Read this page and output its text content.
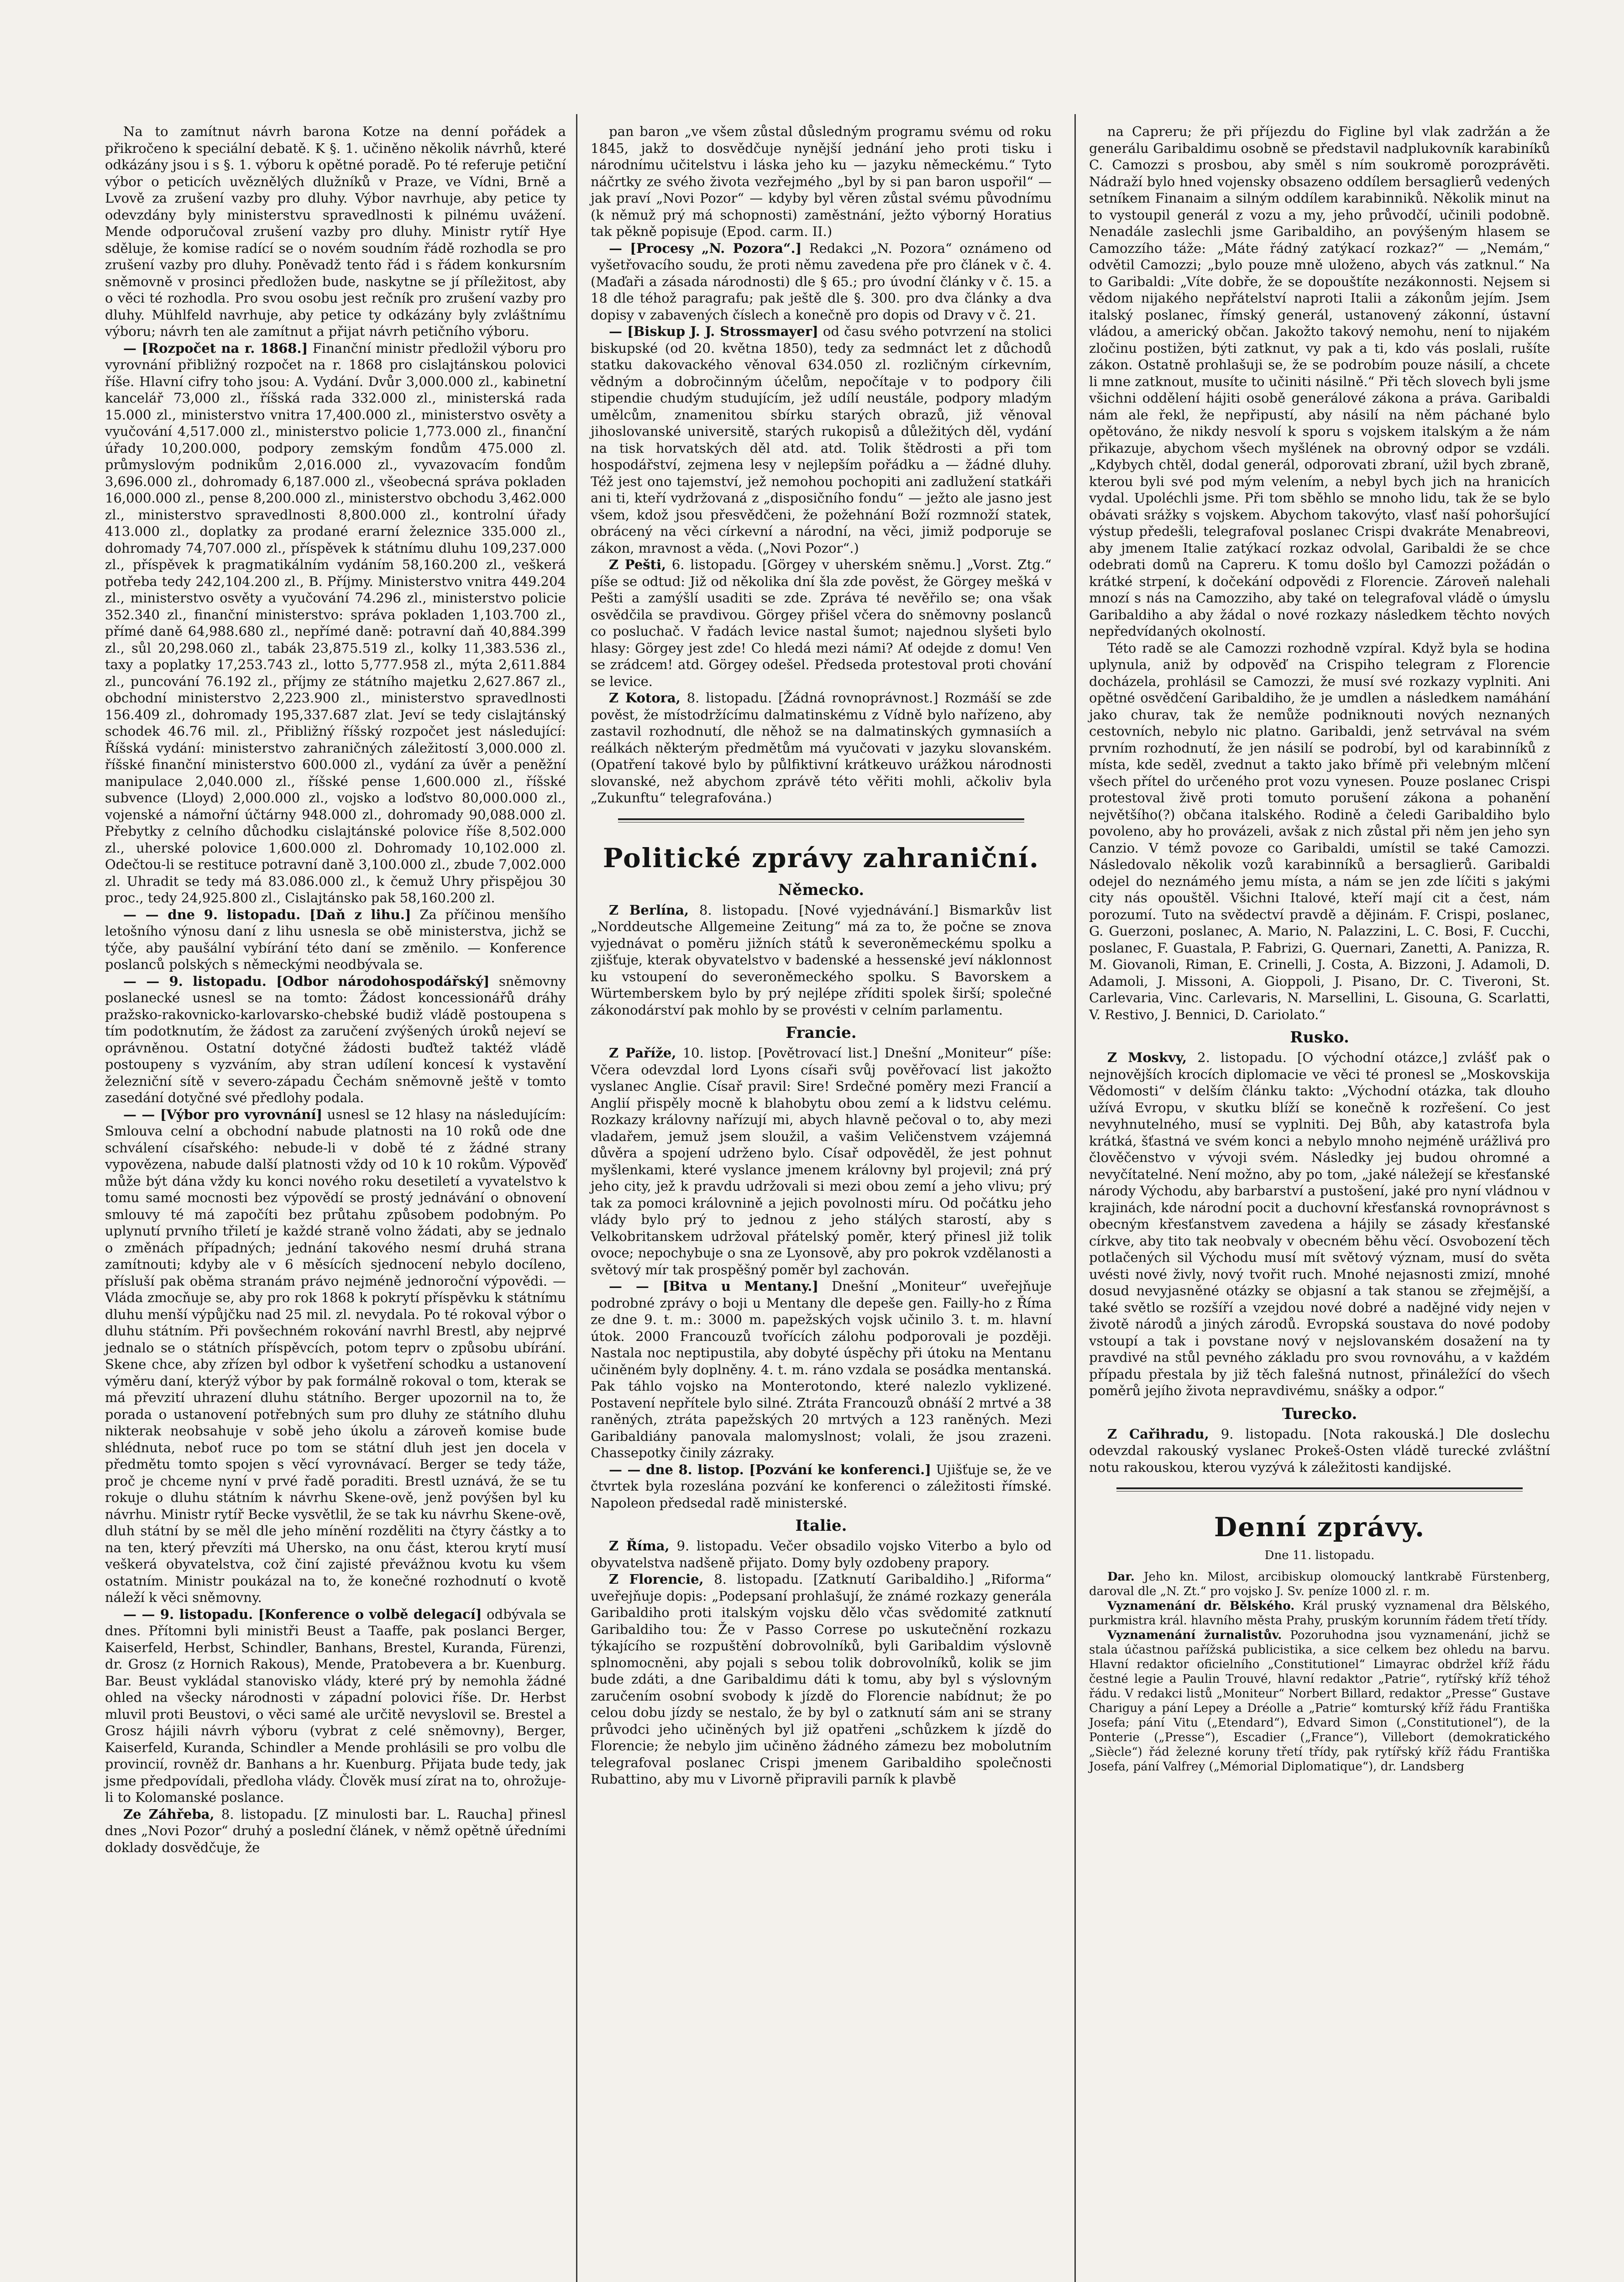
Na to zamítnut návrh barona Kotze na denní pořádek a přikročeno k speciální debatě. K §. 1. učiněno několik návrhů, které odkázány jsou i s §. 1. výboru k opětné poradě. Po té referuje petiční výbor o peticích uvěznělých dlužníků v Praze, ve Vídni, Brně a Lvově za zrušení vazby pro dluhy. Výbor navrhuje, aby petice ty odevzdány byly ministerstvu spravedlnosti k pilnému uvážení. Mende odporučoval zrušení vazby pro dluhy. Ministr rytíř Hye sděluje, že komise radící se o novém soudním řádě rozhodla se pro zrušení vazby pro dluhy. Poněvadž tento řád i s řádem konkursním sněmovně v prosinci předložen bude, naskytne se jí příležitost, aby o věci té rozhodla. Pro svou osobu jest rečník pro zrušení vazby pro dluhy. Mühlfeld navrhuje, aby petice ty odkázány byly zvláštnímu výboru; návrh ten ale zamítnut a přijat návrh petičního výboru.

— [Rozpočet na r. 1868.] Finanční ministr předložil výboru pro vyrovnání přibližný rozpočet na r. 1868 pro cislajtánskou polovici říše. Hlavní cifry toho jsou: A. Vydání. Dvůr 3,000.000 zl., kabinetní kancelář 73,000 zl., říšská rada 332.000 zl., ministerská rada 15.000 zl., ministerstvo vnitra 17,400.000 zl., ministerstvo osvěty a vyučování 4,517.000 zl., ministerstvo policie 1,773.000 zl., finanční úřady 10,200.000, podpory zemským fondům 475.000 zl. průmyslovým podnikům 2,016.000 zl., vyvazovacím fondům 3,696.000 zl., dohromady 6,187.000 zl., všeobecná správa pokladen 16,000.000 zl., pense 8,200.000 zl., ministerstvo obchodu 3,462.000 zl., ministerstvo spravedlnosti 8,800.000 zl., kontrolní úřady 413.000 zl., doplatky za prodané erarní železnice 335.000 zl., dohromady 74,707.000 zl., příspěvek k státnímu dluhu 109,237.000 zl., příspěvek k pragmatikálním vydáním 58,160.200 zl., veškerá potřeba tedy 242,104.200 zl., B. Příjmy. Ministerstvo vnitra 449.204 zl., ministerstvo osvěty a vyučování 74.296 zl., ministerstvo policie 352.340 zl., finanční ministerstvo: správa pokladen 1,103.700 zl., přímé daně 64,988.680 zl., nepřímé daně: potravní daň 40,884.399 zl., sůl 20,298.060 zl., tabák 23,875.519 zl., kolky 11,383.536 zl., taxy a poplatky 17,253.743 zl., lotto 5,777.958 zl., mýta 2,611.884 zl., puncování 76.192 zl., příjmy ze státního majetku 2,627.867 zl., obchodní ministerstvo 2,223.900 zl., ministerstvo spravedlnosti 156.409 zl., dohromady 195,337.687 zlat. Jeví se tedy cislajtánský schodek 46.76 mil. zl., Přibližný říšský rozpočet jest následující: Říšská vydání: ministerstvo zahraničných záležitostí 3,000.000 zl. říšské finanční ministerstvo 600.000 zl., vydání za úvěr a peněžní manipulace 2,040.000 zl., říšské pense 1,600.000 zl., říšské subvence (Lloyd) 2,000.000 zl., vojsko a loďstvo 80,000.000 zl., vojenské a námořní účtárny 948.000 zl., dohromady 90,088.000 zl. Přebytky z celního důchodku cislajtánské polovice říše 8,502.000 zl., uherské polovice 1,600.000 zl. Dohromady 10,102.000 zl. Odečtou-li se restituce potravní daně 3,100.000 zl., zbude 7,002.000 zl. Uhradit se tedy má 83.086.000 zl., k čemuž Uhry přispějou 30 proc., tedy 24,925.800 zl., Cislajtánsko pak 58,160.200 zl.

— — dne 9. listopadu. [Daň z lihu.] Za příčinou menšího letošního výnosu daní z lihu usnesla se obě ministerstva, jichž se týče, aby paušální vybírání této daní se změnilo. — Konference poslanců polských s německými neodbývala se.

— — 9. listopadu. [Odbor národohospodářský] sněmovny poslanecké usnesl se na tomto: Žádost koncessionářů dráhy pražsko-rakovnicko-karlovarsko-chebské budiž vládě postoupena s tím podotknutím, že žádost za zaručení zvýšených úroků nejeví se oprávněnou. Ostatní dotyčné žádosti buďtež taktéž vládě postoupeny s vyzváním, aby stran udílení koncesí k vystavění železniční sítě v severo-západu Čechám sněmovně ještě v tomto zasedání dotyčné své předlohy podala.

— — [Výbor pro vyrovnání] usnesl se 12 hlasy na následujícím: Smlouva celní a obchodní nabude platnosti na 10 roků ode dne schválení císařského: nebude-li v době té z žádné strany vypovězena, nabude další platnosti vždy od 10 k 10 rokům. Výpověď může být dána vždy ku konci nového roku desetiletí a vyvatelstvo k tomu samé mocnosti bez výpovědí se prostý jednávání o obnovení smlouvy té má započíti bez průtahu způsobem podobným. Po uplynutí prvního třiletí je každé straně volno žádati, aby se jednalo o změnách případných; jednání takového nesmí druhá strana zamítnouti; kdyby ale v 6 měsících sjednocení nebylo docíleno, přísluší pak oběma stranám právo nejméně jednoroční výpovědi. — Vláda zmocňuje se, aby pro rok 1868 k pokrytí příspěvku k státnímu dluhu menší výpůjčku nad 25 mil. zl. nevydala. Po té rokoval výbor o dluhu státním. Při povšechném rokování navrhl Brestl, aby nejprvé jednalo se o státních příspěvcích, potom teprv o způsobu ubírání. Skene chce, aby zřízen byl odbor k vyšetření schodku a ustanovení výměru daní, kterýž výbor by pak formálně rokoval o tom, kterak se má převzití uhrazení dluhu státního. Berger upozornil na to, že porada o ustanovení potřebných sum pro dluhy ze státního dluhu nikterak neobsahuje v sobě jeho úkolu a zároveň komise bude shlédnuta, neboť ruce po tom se státní dluh jest jen docela v předmětu tomto spojen s věcí vyrovnávací. Berger se tedy táže, proč je chceme nyní v prvé řadě poraditi. Brestl uznává, že se tu rokuje o dluhu státním k návrhu Skene-ově, jenž povýšen byl ku návrhu. Ministr rytíř Becke vysvětlil, že se tak ku návrhu Skene-ově, dluh státní by se měl dle jeho mínění rozděliti na čtyry částky a to na ten, který převzíti má Uhersko, na onu část, kterou krytí musí veškerá obyvatelstva, což činí zajisté převážnou kvotu ku všem ostatním. Ministr poukázal na to, že konečné rozhodnutí o kvotě náleží k věci sněmovny.

— — 9. listopadu. [Konference o volbě delegací] odbývala se dnes. Přítomni byli ministři Beust a Taaffe, pak poslanci Berger, Kaiserfeld, Herbst, Schindler, Banhans, Brestel, Kuranda, Fürenzi, dr. Grosz (z Hornich Rakous), Mende, Pratobevera a br. Kuenburg. Bar. Beust vykládal stanovisko vlády, které prý by nemohla žádné ohled na všecky národnosti v západní polovici říše. Dr. Herbst mluvil proti Beustovi, o věci samé ale určitě nevyslovil se. Brestel a Grosz hájili návrh výboru (vybrat z celé sněmovny), Berger, Kaiserfeld, Kuranda, Schindler a Mende prohlásili se pro volbu dle provincií, rovněž dr. Banhans a hr. Kuenburg. Přijata bude tedy, jak jsme předpovídali, předloha vlády. Člověk musí zírat na to, ohrožuje-li to Kolomanské poslance.

Ze Záhřeba, 8. listopadu. [Z minulosti bar. L. Raucha] přinesl dnes „Novi Pozor“ druhý a poslední článek, v němž opětně úředními doklady dosvědčuje, že

pan baron „ve všem zůstal důsledným programu svému od roku 1845, jakž to dosvědčuje nynější jednání jeho proti tisku i národnímu učitelstvu i láska jeho ku — jazyku německému.“ Tyto náčrtky ze svého života vezřejmého „byl by si pan baron uspořil“ — jak praví „Novi Pozor“ — kdyby byl věren zůstal svému původnímu (k němuž prý má schopnosti) zaměstnání, ježto výborný Horatius tak pěkně popisuje (Epod. carm. II.)

— [Procesy „N. Pozora“.] Redakci „N. Pozora“ oznámeno od vyšetřovacího soudu, že proti němu zavedena pře pro článek v č. 4. (Maďaři a zásada národnosti) dle § 65.; pro úvodní články v č. 15. a 18 dle téhož paragrafu; pak ještě dle §. 300. pro dva články a dva dopisy v zabavených číslech a konečně pro dopis od Dravy v č. 21.

— [Biskup J. J. Strossmayer] od času svého potvrzení na stolici biskupské (od 20. května 1850), tedy za sedmnáct let z důchodů statku dakovackého věnoval 634.050 zl. rozličným církevním, vědným a dobročinným účelům, nepočítaje v to podpory čili stipendie chudým studujícím, jež udílí neustále, podpory mladým umělcům, znamenitou sbírku starých obrazů, již věnoval jihoslovanské universitě, starých rukopisů a důležitých děl, vydání na tisk horvatských děl atd. atd. Tolik štědrosti a při tom hospodářství, zejmena lesy v nejlepším pořádku a — žádné dluhy. Též jest ono tajemství, jež nemohou pochopiti ani zadlužení statkáři ani ti, kteří vydržovaná z „disposičního fondu“ — ježto ale jasno jest všem, kdož jsou přesvědčeni, že požehnání Boží rozmnoží statek, obrácený na věci církevní a národní, na věci, jimiž podporuje se zákon, mravnost a věda. („Novi Pozor“.)

Z Pešti, 6. listopadu. [Görgey v uherském sněmu.] „Vorst. Ztg.“ píše se odtud: Již od několika dní šla zde pověst, že Görgey mešká v Pešti a zamýšlí usaditi se zde. Zpráva té nevěřilo se; ona však osvědčila se pravdivou. Görgey přišel včera do sněmovny poslanců co posluchač. V řadách levice nastal šumot; najednou slyšeti bylo hlasy: Görgey jest zde! Co hledá mezi námi? Ať odejde z domu! Ven se zrádcem! atd. Görgey odešel. Předseda protestoval proti chování se levice.

Z Kotora, 8. listopadu. [Žádná rovnoprávnost.] Rozmáší se zde pověst, že místodržícímu dalmatinskému z Vídně bylo nařízeno, aby zastavil rozhodnutí, dle něhož se na dalmatinských gymnasiích a reálkách některým předmětům má vyučovati v jazyku slovanském. (Opatření takové bylo by půlfiktivní krátkeuvo urážkou národnosti slovanské, než abychom zprávě této věřiti mohli, ačkoliv byla „Zukunftu“ telegrafována.)

Politické zprávy zahraniční.
Německo.

Z Berlína, 8. listopadu. [Nové vyjednávání.] Bismarkův list „Norddeutsche Allgemeine Zeitung“ má za to, že počne se znova vyjednávat o poměru jižních států k severoněmeckému spolku a zjišťuje, kterak obyvatelstvo v badenské a hessenské jeví náklonnost ku vstoupení do severoněmeckého spolku. S Bavorskem a Würtemberskem bylo by prý nejlépe zříditi spolek širší; společné zákonodárství pak mohlo by se provésti v celním parlamentu.

Francie.

Z Paříže, 10. listop. [Povětrovací list.] Dnešní „Moniteur“ píše: Včera odevzdal lord Lyons císaři svůj pověřovací list jakožto vyslanec Anglie. Císař pravil: Sire! Srdečné poměry mezi Francií a Anglií přispěly mocně k blahobytu obou zemí a k lidstvu celému. Rozkazy královny nařízují mi, abych hlavně pečoval o to, aby mezi vladařem, jemuž jsem sloužil, a vašim Veličenstvem vzájemná důvěra a spojení udrženo bylo. Císař odpověděl, že jest pohnut myšlenkami, které vyslance jmenem královny byl projevil; zná prý jeho city, jež k pravdu udržovali si mezi obou zemí a jeho vlivu; prý tak za pomoci královnině a jejich povolnosti míru. Od počátku jeho vlády bylo prý to jednou z jeho stálých starostí, aby s Velkobritanskem udržoval přátelský poměr, který přinesl již tolik ovoce; nepochybuje o sna ze Lyonsově, aby pro pokrok vzdělanosti a světový mír tak prospěšný poměr byl zachován.

— — [Bitva u Mentany.] Dnešní „Moniteur“ uveřejňuje podrobné zprávy o boji u Mentany dle depeše gen. Failly-ho z Říma ze dne 9. t. m.: 3000 m. papežských vojsk učinilo 3. t. m. hlavní útok. 2000 Francouzů tvořících zálohu podporovali je později. Nastala noc neptipustila, aby dobyté úspěchy při útoku na Mentanu učiněném byly doplněny. 4. t. m. ráno vzdala se posádka mentanská. Pak táhlo vojsko na Monterotondo, které nalezlo vyklizené. Postavení nepřítele bylo silné. Ztráta Francouzů obnáší 2 mrtvé a 38 raněných, ztráta papežských 20 mrtvých a 123 raněných. Mezi Garibaldiány panovala malomyslnost; volali, že jsou zrazeni. Chassepotky činily zázraky.

— — dne 8. listop. [Pozvání ke konferenci.] Ujišťuje se, že ve čtvrtek byla rozeslána pozvání ke konferenci o záležitosti římské. Napoleon předsedal radě ministerské.

Italie.

Z Říma, 9. listopadu. Večer obsadilo vojsko Viterbo a bylo od obyvatelstva nadšeně přijato. Domy byly ozdobeny prapory.

Z Florencie, 8. listopadu. [Zatknutí Garibaldiho.] „Riforma“ uveřejňuje dopis: „Podepsaní prohlašují, že známé rozkazy generála Garibaldiho proti italským vojsku dělo včas svědomité zatknutí Garibaldiho tou: Že v Passo Correse po uskutečnění rozkazu týkajícího se rozpuštění dobrovolníků, byli Garibaldim výslovně splnomocněni, aby pojali s sebou tolik dobrovolníků, kolik se jim bude zdáti, a dne Garibaldimu dáti k tomu, aby byl s výslovným zaručením osobní svobody k jízdě do Florencie nabídnut; že po celou dobu jízdy se nestalo, že by byl o zatknutí sám ani se strany průvodci jeho učiněných byl již opatřeni „schůzkem k jízdě do Florencie; že nebylo jim učiněno žádného zámezu bez mobolutním telegrafoval poslanec Crispi jmenem Garibaldiho společnosti Rubattino, aby mu v Livorně připravili parník k plavbě

na Capreru; že při příjezdu do Figline byl vlak zadržán a že generálu Garibaldimu osobně se představil nadplukovník karabiníků C. Camozzi s prosbou, aby směl s ním soukromě porozprávěti. Nádraží bylo hned vojensky obsazeno oddílem bersaglierů vedených setníkem Finanaim a silným oddílem karabinniků. Několik minut na to vystoupil generál z vozu a my, jeho průvodčí, učinili podobně. Nenadále zaslechli jsme Garibaldiho, an povýšeným hlasem se Camozzího táže: „Máte řádný zatýkací rozkaz?“ — „Nemám,“ odvětil Camozzi; „bylo pouze mně uloženo, abych vás zatknul.“ Na to Garibaldi: „Víte dobře, že se dopouštíte nezákonnosti. Nejsem si vědom nijakého nepřátelství naproti Italii a zákonům jejím. Jsem italský poslanec, římský generál, ustanovený zákonní, ústavní vládou, a americký občan. Jakožto takový nemohu, není to nijakém zločinu postižen, býti zatknut, vy pak a ti, kdo vás poslali, rušíte zákon. Ostatně prohlašuji se, že se podrobím pouze násilí, a chcete li mne zatknout, musíte to učiniti násilně.“ Při těch slovech byli jsme všichni oddělení hájiti osobě generálové zákona a práva. Garibaldi nám ale řekl, že nepřipustí, aby násilí na něm páchané bylo opětováno, že nikdy nesvolí k sporu s vojskem italským a že nám přikazuje, abychom všech myšlének na obrovný odpor se vzdáli. „Kdybych chtěl, dodal generál, odporovati zbraní, užil bych zbraně, kterou byli své pod mým velením, a nebyl bych jich na hranicích vydal. Upoléchli jsme. Při tom sběhlo se mnoho lidu, tak že se bylo obávati srážky s vojskem. Abychom takovýto, vlasť naší pohoršující výstup předešli, telegrafoval poslanec Crispi dvakráte Menabreovi, aby jmenem Italie zatýkací rozkaz odvolal, Garibaldi že se chce odebrati domů na Capreru. K tomu došlo byl Camozzi požádán o krátké strpení, k dočekání odpovědi z Florencie. Zároveň nalehali mnozí s nás na Camozziho, aby také on telegrafoval vládě o úmyslu Garibaldiho a aby žádal o nové rozkazy následkem těchto nových nepředvídaných okolností.

Této radě se ale Camozzi rozhodně vzpíral. Když byla se hodina uplynula, aniž by odpověď na Crispiho telegram z Florencie docházela, prohlásil se Camozzi, že musí své rozkazy vyplniti. Ani opětné osvědčení Garibaldiho, že je umdlen a následkem namáhání jako churav, tak že nemůže podniknouti nových neznaných cestovních, nebylo nic platno. Garibaldi, jenž setrvával na svém prvním rozhodnutí, že jen násilí se podrobí, byl od karabinníků z místa, kde seděl, zvednut a takto jako břímě při velebným mlčení všech přítel do určeného prot vozu vynesen. Pouze poslanec Crispi protestoval živě proti tomuto porušení zákona a pohanění největšího(?) občana italského. Rodině a čeledi Garibaldiho bylo povoleno, aby ho provázeli, avšak z nich zůstal při něm jen jeho syn Canzio. V témž povoze co Garibaldi, umístil se také Camozzi. Následovalo několik vozů karabinníků a bersaglierů. Garibaldi odejel do neznámého jemu místa, a nám se jen zde líčiti s jakými city nás opouštěl. Všichni Italové, kteří mají cit a čest, nám porozumí. Tuto na svědectví pravdě a dějinám. F. Crispi, poslanec, G. Guerzoni, poslanec, A. Mario, N. Palazzini, L. C. Bosi, F. Cucchi, poslanec, F. Guastala, P. Fabrizi, G. Quernari, Zanetti, A. Panizza, R. M. Giovanoli, Riman, E. Crinelli, J. Costa, A. Bizzoni, J. Adamoli, D. Adamoli, J. Missoni, A. Gioppoli, J. Pisano, Dr. C. Tiveroni, St. Carlevaria, Vinc. Carlevaris, N. Marsellini, L. Gisouna, G. Scarlatti, V. Restivo, J. Bennici, D. Cariolato.“

Rusko.

Z Moskvy, 2. listopadu. [O východní otázce,] zvlášť pak o nejnovějších krocích diplomacie ve věci té pronesl se „Moskovskija Vědomosti“ v delším článku takto: „Východní otázka, tak dlouho užívá Evropu, v skutku blíží se konečně k rozřešení. Co jest nevyhnutelného, musí se vyplniti. Dej Bůh, aby katastrofa byla krátká, šťastná ve svém konci a nebylo mnoho nejméně urážlivá pro člověčenstvo v vývoji svém. Následky jej budou ohromné a nevyčítatelné. Není možno, aby po tom, „jaké náležejí se křesťanské národy Východu, aby barbarství a pustošení, jaké pro nyní vládnou v krajinách, kde národní pocit a duchovní křesťanská rovnoprávnost s obecným křesťanstvem zavedena a hájily se zásady křesťanské církve, aby tito tak neobvaly v obecném běhu věcí. Osvobození těch potlačených sil Východu musí mít světový význam, musí do světa uvésti nové živly, nový tvořit ruch. Mnohé nejasnosti zmizí, mnohé dosud nevyjasněné otázky se objasní a tak stanou se zřejmější, a také světlo se rozšíří a vzejdou nové dobré a nadějné vidy nejen v životě národů a jiných zárodů. Evropská soustava do nové podoby vstoupí a tak i povstane nový v nejslovanském dosažení na ty pravdivé na stůl pevného základu pro svou rovnováhu, a v každém případu přestala by již těch falešná nutnost, přináležící do všech poměrů jejího života nepravdivému, snášky a odpor.“

Turecko.

Z Cařihradu, 9. listopadu. [Nota rakouská.] Dle doslechu odevzdal rakouský vyslanec Prokeš-Osten vládě turecké zvláštní notu rakouskou, kterou vyzývá k záležitosti kandijské.

Denní zprávy.
Dne 11. listopadu.

Dar. Jeho kn. Milost, arcibiskup olomoucký lantkrabě Fürstenberg, daroval dle „N. Zt.“ pro vojsko J. Sv. peníze 1000 zl. r. m.

Vyznamenání dr. Bělského. Král pruský vyznamenal dra Bělského, purkmistra král. hlavního města Prahy, pruským korunním řádem třetí třídy.

Vyznamenání žurnalistův. Pozoruhodna jsou vyznamenání, jichž se stala účastnou pařížská publicistika, a sice celkem bez ohledu na barvu. Hlavní redaktor oficielního „Constitutionel“ Limayrac obdržel kříž řádu čestné legie a Paulin Trouvé, hlavní redaktor „Patrie“, rytířský kříž téhož řádu. V redakci listů „Moniteur“ Norbert Billard, redaktor „Presse“ Gustave Chariguy a pání Lepey a Dréolle a „Patrie“ komturský kříž řádu Františka Josefa; pání Vitu („Etendard“), Edvard Simon („Constitutionel“), de la Ponterie („Presse“), Escadier („France“), Villebort (demokratického „Siècle“) řád železné koruny třetí třídy, pak rytířský kříž řádu Františka Josefa, pání Valfrey („Mémorial Diplomatique“), dr. Landsberg
